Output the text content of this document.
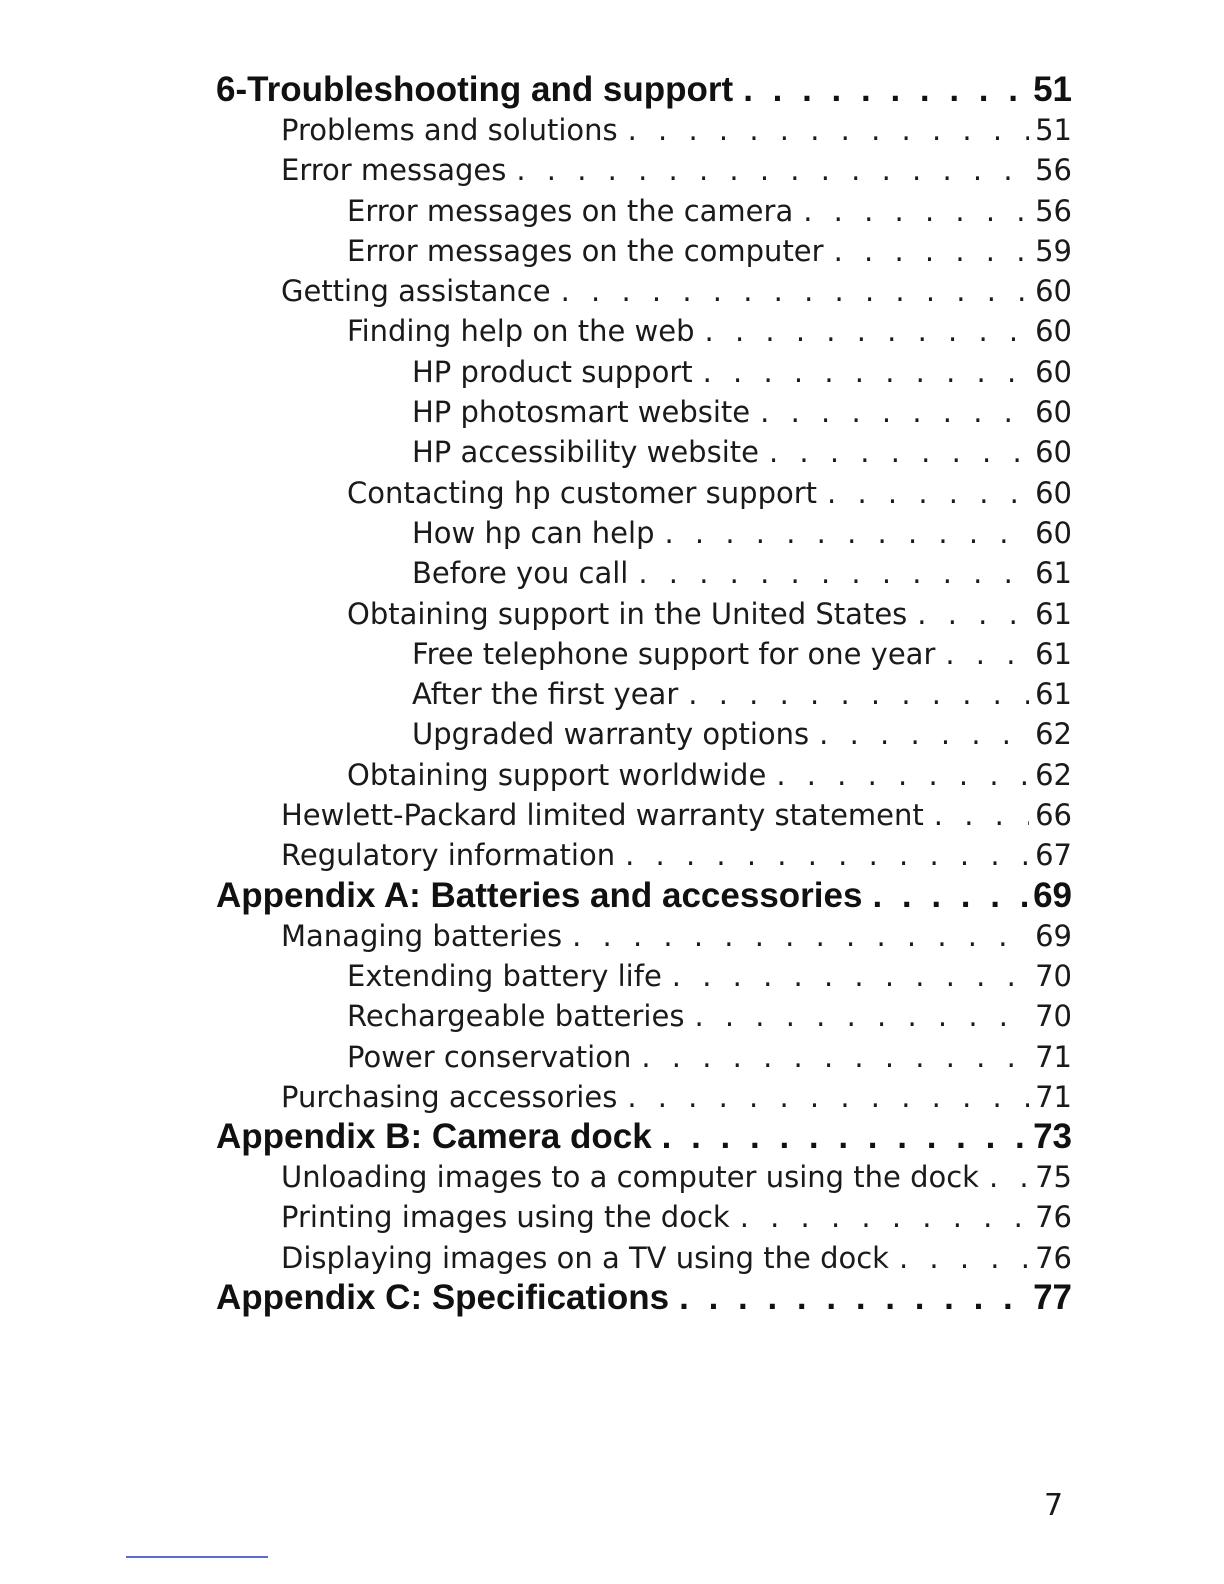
6-Troubleshooting and support . . .	51
Problems and solutions . . .	51
Error messages . . .	56
Error messages on the camera . . .	56
Error messages on the computer . . .	59
Getting assistance . . .	60
Finding help on the web . . .	60
HP product support . . .	60
HP photosmart website . . .	60
HP accessibility website . . .	60
Contacting hp customer support . . .	60
How hp can help . . .	60
Before you call . . .	61
Obtaining support in the United States . . .	61
Free telephone support for one year . . .	61
After the first year . . .	61
Upgraded warranty options . . .	62
Obtaining support worldwide . . .	62
Hewlett-Packard limited warranty statement . . .	66
Regulatory information . . .	67
Appendix A: Batteries and accessories . . .	69
Managing batteries . . .	69
Extending battery life . . .	70
Rechargeable batteries . . .	70
Power conservation . . .	71
Purchasing accessories . . .	71
Appendix B: Camera dock . . .	73
Unloading images to a computer using the dock . . . 75
Printing images using the dock . . .	76
Displaying images on a TV using the dock . . .	76
Appendix C: Specifications . . .	77
7
